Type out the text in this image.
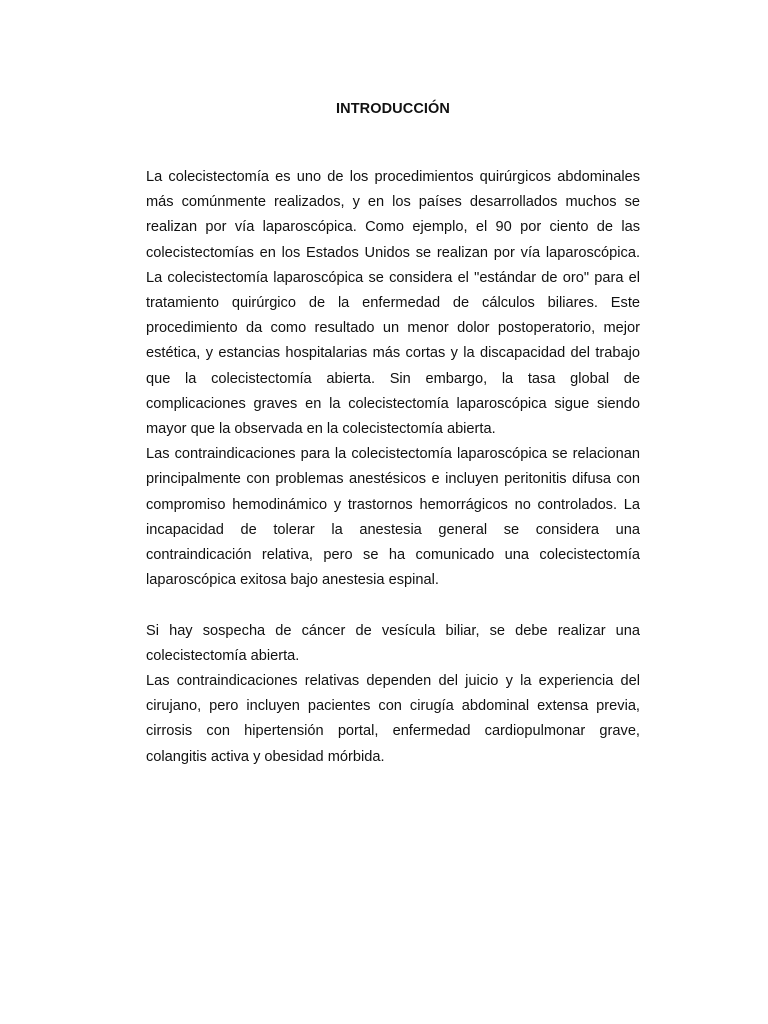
INTRODUCCIÓN

La colecistectomía es uno de los procedimientos quirúrgicos abdominales más comúnmente realizados, y en los países desarrollados muchos se realizan por vía laparoscópica. Como ejemplo, el 90 por ciento de las colecistectomías en los Estados Unidos se realizan por vía laparoscópica. La colecistectomía laparoscópica se considera el "estándar de oro" para el tratamiento quirúrgico de la enfermedad de cálculos biliares. Este procedimiento da como resultado un menor dolor postoperatorio, mejor estética, y estancias hospitalarias más cortas y la discapacidad del trabajo que la colecistectomía abierta. Sin embargo, la tasa global de complicaciones graves en la colecistectomía laparoscópica sigue siendo mayor que la observada en la colecistectomía abierta.

Las contraindicaciones para la colecistectomía laparoscópica se relacionan principalmente con problemas anestésicos e incluyen peritonitis difusa con compromiso hemodinámico y trastornos hemorrágicos no controlados. La incapacidad de tolerar la anestesia general se considera una contraindicación relativa, pero se ha comunicado una colecistectomía laparoscópica exitosa bajo anestesia espinal.

Si hay sospecha de cáncer de vesícula biliar, se debe realizar una colecistectomía abierta.

Las contraindicaciones relativas dependen del juicio y la experiencia del cirujano, pero incluyen pacientes con cirugía abdominal extensa previa, cirrosis con hipertensión portal, enfermedad cardiopulmonar grave, colangitis activa y obesidad mórbida.
